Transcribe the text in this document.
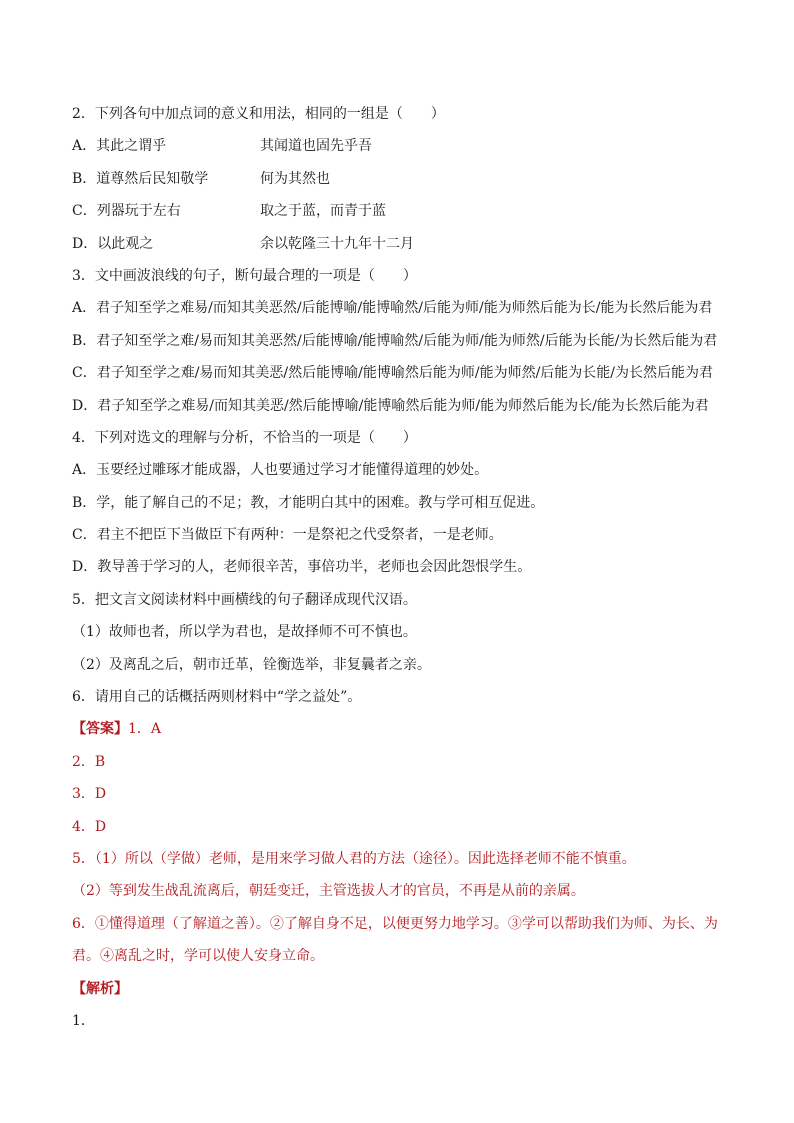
2．下列各句中加点词的意义和用法，相同的一组是（　　）
A．其此之谓乎	其闻道也固先乎吾
B．道尊然后民知敬学	何为其然也
C．列器玩于左右	取之于蓝，而青于蓝
D．以此观之	余以乾隆三十九年十二月
3．文中画波浪线的句子，断句最合理的一项是（　　）
A．君子知至学之难易/而知其美恶然/后能博喻/能博喻然/后能为师/能为师然后能为长/能为长然后能为君
B．君子知至学之难/易而知其美恶然/后能博喻/能博喻然/后能为师/能为师然/后能为长能/为长然后能为君
C．君子知至学之难/易而知其美恶/然后能博喻/能博喻然后能为师/能为师然/后能为长能/为长然后能为君
D．君子知至学之难易/而知其美恶/然后能博喻/能博喻然后能为师/能为师然后能为长/能为长然后能为君
4．下列对选文的理解与分析，不恰当的一项是（　　）
A．玉要经过雕琢才能成器，人也要通过学习才能懂得道理的妙处。
B．学，能了解自己的不足；教，才能明白其中的困难。教与学可相互促进。
C．君主不把臣下当做臣下有两种：一是祭祀之代受祭者，一是老师。
D．教导善于学习的人，老师很辛苦，事倍功半，老师也会因此怨恨学生。
5．把文言文阅读材料中画横线的句子翻译成现代汉语。
（1）故师也者，所以学为君也，是故择师不可不慎也。
（2）及离乱之后，朝市迁革，铨衡选举，非复曩者之亲。
6．请用自己的话概括两则材料中“学之益处”。
【答案】1．A
2．B
3．D
4．D
5．（1）所以（学做）老师，是用来学习做人君的方法（途径）。因此选择老师不能不慎重。
（2）等到发生战乱流离后，朝廷变迁，主管选拔人才的官员，不再是从前的亲属。
6．①懂得道理（了解道之善）。②了解自身不足，以便更努力地学习。③学可以帮助我们为师、为长、为
君。④离乱之时，学可以使人安身立命。
【解析】
1．
